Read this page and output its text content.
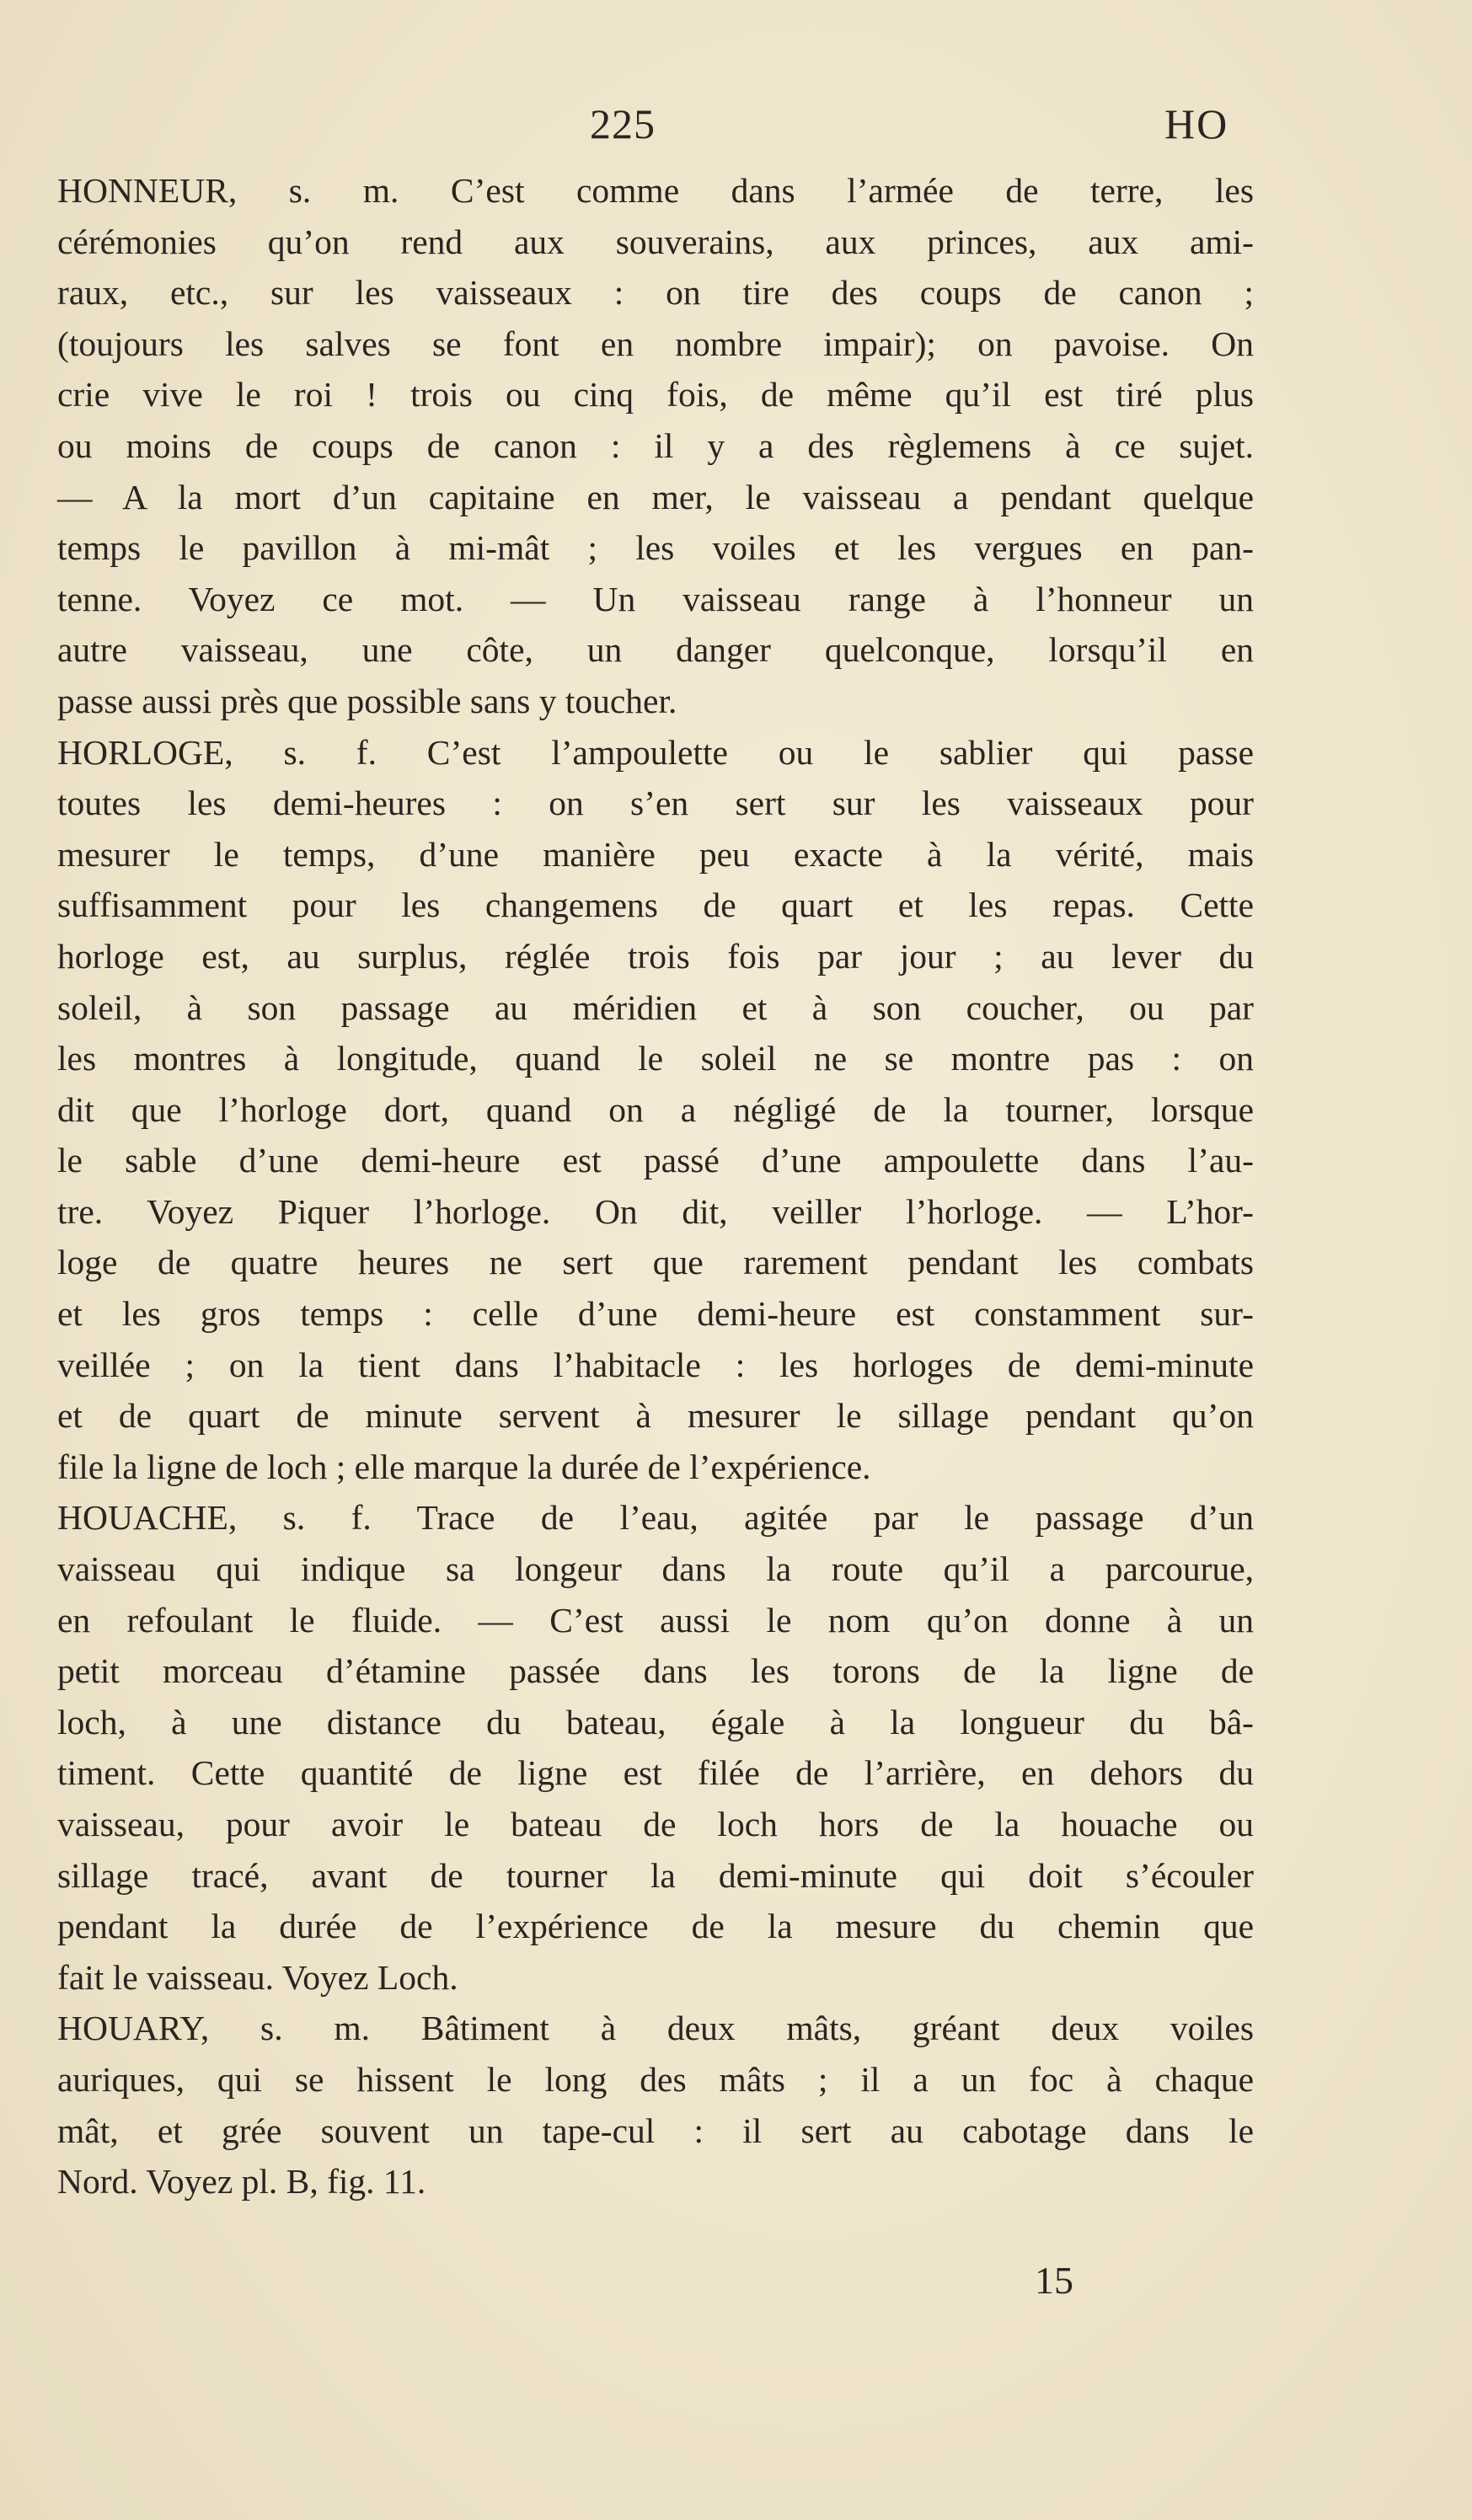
225	HO
HONNEUR, s. m. C’est comme dans l’armée de terre, les
cérémonies qu’on rend aux souverains, aux princes, aux ami-
raux, etc., sur les vaisseaux : on tire des coups de canon ;
(toujours les salves se font en nombre impair); on pavoise. On
crie vive le roi ! trois ou cinq fois, de même qu’il est tiré plus
ou moins de coups de canon : il y a des règlemens à ce sujet.
— A la mort d’un capitaine en mer, le vaisseau a pendant quelque
temps le pavillon à mi-mât ; les voiles et les vergues en pan-
tenne. Voyez ce mot. — Un vaisseau range à l’honneur un
autre vaisseau, une côte, un danger quelconque, lorsqu’il en
passe aussi près que possible sans y toucher.
HORLOGE, s. f. C’est l’ampoulette ou le sablier qui passe
toutes les demi-heures : on s’en sert sur les vaisseaux pour
mesurer le temps, d’une manière peu exacte à la vérité, mais
suffisamment pour les changemens de quart et les repas. Cette
horloge est, au surplus, réglée trois fois par jour ; au lever du
soleil, à son passage au méridien et à son coucher, ou par
les montres à longitude, quand le soleil ne se montre pas : on
dit que l’horloge dort, quand on a négligé de la tourner, lorsque
le sable d’une demi-heure est passé d’une ampoulette dans l’au-
tre. Voyez Piquer l’horloge. On dit, veiller l’horloge. — L’hor-
loge de quatre heures ne sert que rarement pendant les combats
et les gros temps : celle d’une demi-heure est constamment sur-
veillée ; on la tient dans l’habitacle : les horloges de demi-minute
et de quart de minute servent à mesurer le sillage pendant qu’on
file la ligne de loch ; elle marque la durée de l’expérience.
HOUACHE, s. f. Trace de l’eau, agitée par le passage d’un
vaisseau qui indique sa longeur dans la route qu’il a parcourue,
en refoulant le fluide. — C’est aussi le nom qu’on donne à un
petit morceau d’étamine passée dans les torons de la ligne de
loch, à une distance du bateau, égale à la longueur du bâ-
timent. Cette quantité de ligne est filée de l’arrière, en dehors du
vaisseau, pour avoir le bateau de loch hors de la houache ou
sillage tracé, avant de tourner la demi-minute qui doit s’écouler
pendant la durée de l’expérience de la mesure du chemin que
fait le vaisseau. Voyez Loch.
HOUARY, s. m. Bâtiment à deux mâts, gréant deux voiles
auriques, qui se hissent le long des mâts ; il a un foc à chaque
mât, et grée souvent un tape-cul : il sert au cabotage dans le
Nord. Voyez pl. B, fig. 11.
15
